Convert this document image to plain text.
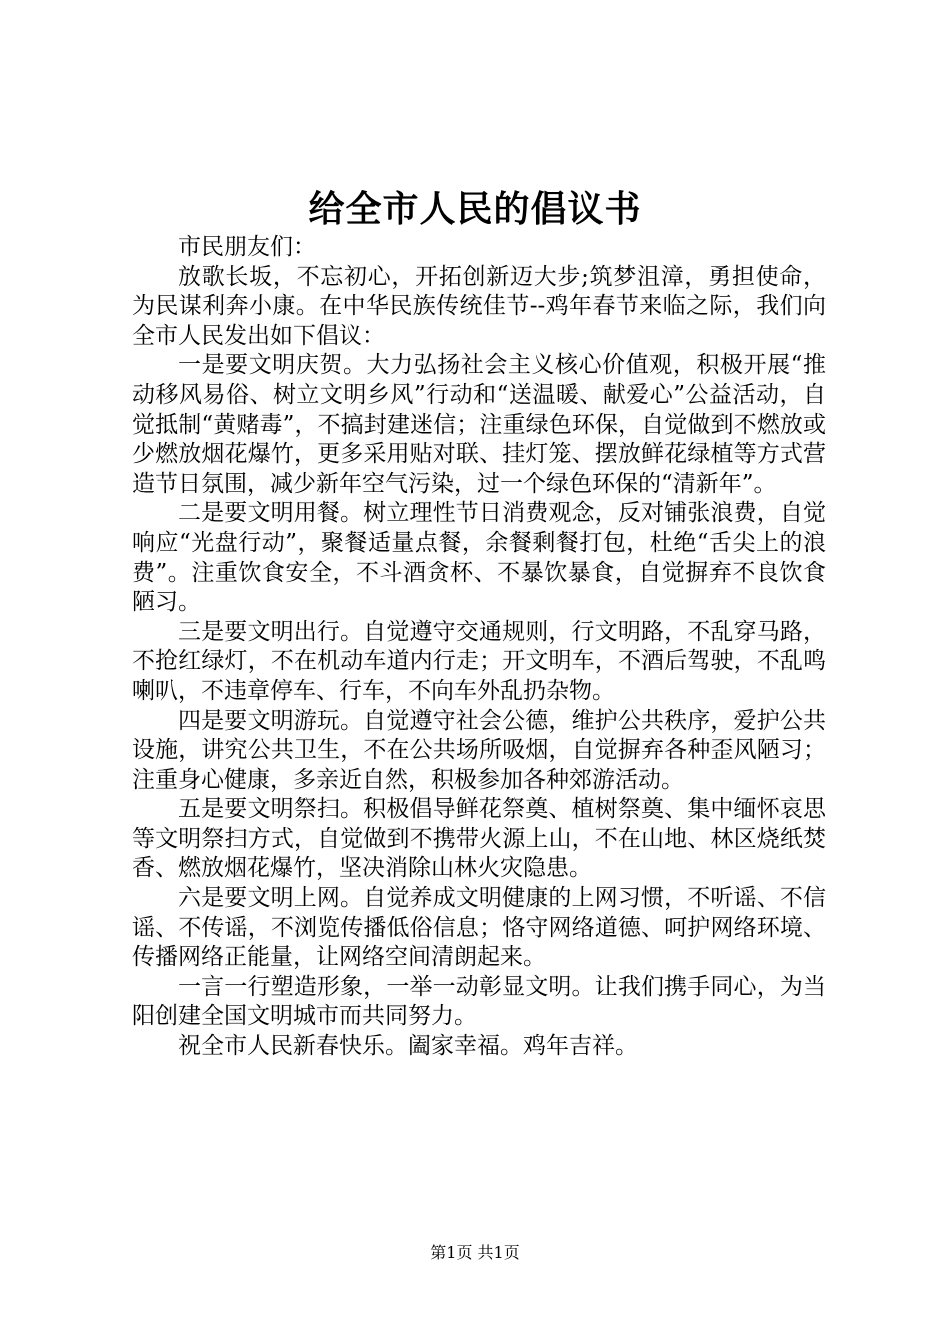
给全市人民的倡议书

市民朋友们：

放歌长坂，不忘初心，开拓创新迈大步;筑梦沮漳，勇担使命，为民谋利奔小康。在中华民族传统佳节--鸡年春节来临之际，我们向全市人民发出如下倡议：

一是要文明庆贺。大力弘扬社会主义核心价值观，积极开展“推动移风易俗、树立文明乡风”行动和“送温暖、献爱心”公益活动，自觉抵制“黄赌毒”，不搞封建迷信；注重绿色环保，自觉做到不燃放或少燃放烟花爆竹，更多采用贴对联、挂灯笼、摆放鲜花绿植等方式营造节日氛围，减少新年空气污染，过一个绿色环保的“清新年”。

二是要文明用餐。树立理性节日消费观念，反对铺张浪费，自觉响应“光盘行动”，聚餐适量点餐，余餐剩餐打包，杜绝“舌尖上的浪费”。注重饮食安全，不斗酒贪杯、不暴饮暴食，自觉摒弃不良饮食陋习。

三是要文明出行。自觉遵守交通规则，行文明路，不乱穿马路，不抢红绿灯，不在机动车道内行走；开文明车，不酒后驾驶，不乱鸣喇叭，不违章停车、行车，不向车外乱扔杂物。

四是要文明游玩。自觉遵守社会公德，维护公共秩序，爱护公共设施，讲究公共卫生，不在公共场所吸烟，自觉摒弃各种歪风陋习；注重身心健康，多亲近自然，积极参加各种郊游活动。

五是要文明祭扫。积极倡导鲜花祭奠、植树祭奠、集中缅怀哀思等文明祭扫方式，自觉做到不携带火源上山，不在山地、林区烧纸焚香、燃放烟花爆竹，坚决消除山林火灾隐患。

六是要文明上网。自觉养成文明健康的上网习惯，不听谣、不信谣、不传谣，不浏览传播低俗信息；恪守网络道德、呵护网络环境、传播网络正能量，让网络空间清朗起来。

一言一行塑造形象，一举一动彰显文明。让我们携手同心，为当阳创建全国文明城市而共同努力。

祝全市人民新春快乐。阖家幸福。鸡年吉祥。

第1页 共1页
